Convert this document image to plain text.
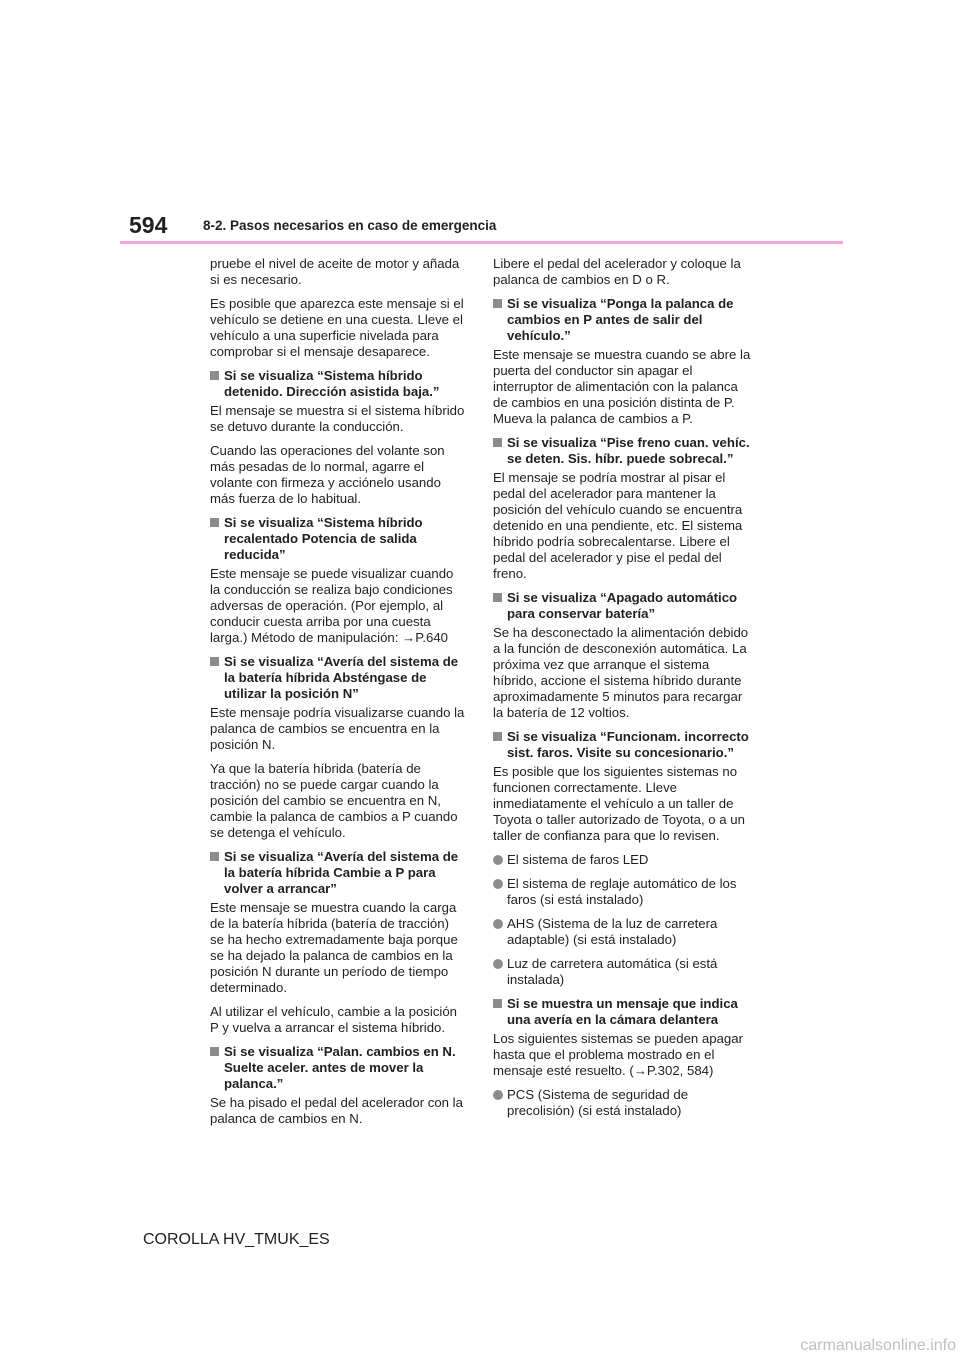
594	8-2. Pasos necesarios en caso de emergencia
pruebe el nivel de aceite de motor y añada si es necesario.
Es posible que aparezca este mensaje si el vehículo se detiene en una cuesta. Lleve el vehículo a una superficie nivelada para comprobar si el mensaje desaparece.
Si se visualiza “Sistema híbrido detenido. Dirección asistida baja.”
El mensaje se muestra si el sistema híbrido se detuvo durante la conducción.
Cuando las operaciones del volante son más pesadas de lo normal, agarre el volante con firmeza y acciónelo usando más fuerza de lo habitual.
Si se visualiza “Sistema híbrido recalentado Potencia de salida reducida”
Este mensaje se puede visualizar cuando la conducción se realiza bajo condiciones adversas de operación. (Por ejemplo, al conducir cuesta arriba por una cuesta larga.) Método de manipulación: →P.640
Si se visualiza “Avería del sistema de la batería híbrida Absténgase de utilizar la posición N”
Este mensaje podría visualizarse cuando la palanca de cambios se encuentra en la posición N.
Ya que la batería híbrida (batería de tracción) no se puede cargar cuando la posición del cambio se encuentra en N, cambie la palanca de cambios a P cuando se detenga el vehículo.
Si se visualiza “Avería del sistema de la batería híbrida Cambie a P para volver a arrancar”
Este mensaje se muestra cuando la carga de la batería híbrida (batería de tracción) se ha hecho extremadamente baja porque se ha dejado la palanca de cambios en la posición N durante un período de tiempo determinado.
Al utilizar el vehículo, cambie a la posición P y vuelva a arrancar el sistema híbrido.
Si se visualiza “Palan. cambios en N. Suelte aceler. antes de mover la palanca.”
Se ha pisado el pedal del acelerador con la palanca de cambios en N.
Libere el pedal del acelerador y coloque la palanca de cambios en D o R.
Si se visualiza “Ponga la palanca de cambios en P antes de salir del vehículo.”
Este mensaje se muestra cuando se abre la puerta del conductor sin apagar el interruptor de alimentación con la palanca de cambios en una posición distinta de P. Mueva la palanca de cambios a P.
Si se visualiza “Pise freno cuan. vehíc. se deten. Sis. híbr. puede sobrecal.”
El mensaje se podría mostrar al pisar el pedal del acelerador para mantener la posición del vehículo cuando se encuentra detenido en una pendiente, etc. El sistema híbrido podría sobrecalentarse. Libere el pedal del acelerador y pise el pedal del freno.
Si se visualiza “Apagado automático para conservar batería”
Se ha desconectado la alimentación debido a la función de desconexión automática. La próxima vez que arranque el sistema híbrido, accione el sistema híbrido durante aproximadamente 5 minutos para recargar la batería de 12 voltios.
Si se visualiza “Funcionam. incorrecto sist. faros. Visite su concesionario.”
Es posible que los siguientes sistemas no funcionen correctamente. Lleve inmediatamente el vehículo a un taller de Toyota o taller autorizado de Toyota, o a un taller de confianza para que lo revisen.
El sistema de faros LED
El sistema de reglaje automático de los faros (si está instalado)
AHS (Sistema de la luz de carretera adaptable) (si está instalado)
Luz de carretera automática (si está instalada)
Si se muestra un mensaje que indica una avería en la cámara delantera
Los siguientes sistemas se pueden apagar hasta que el problema mostrado en el mensaje esté resuelto. (→P.302, 584)
PCS (Sistema de seguridad de precolisión) (si está instalado)
COROLLA HV_TMUK_ES
carmanualsonline.info
